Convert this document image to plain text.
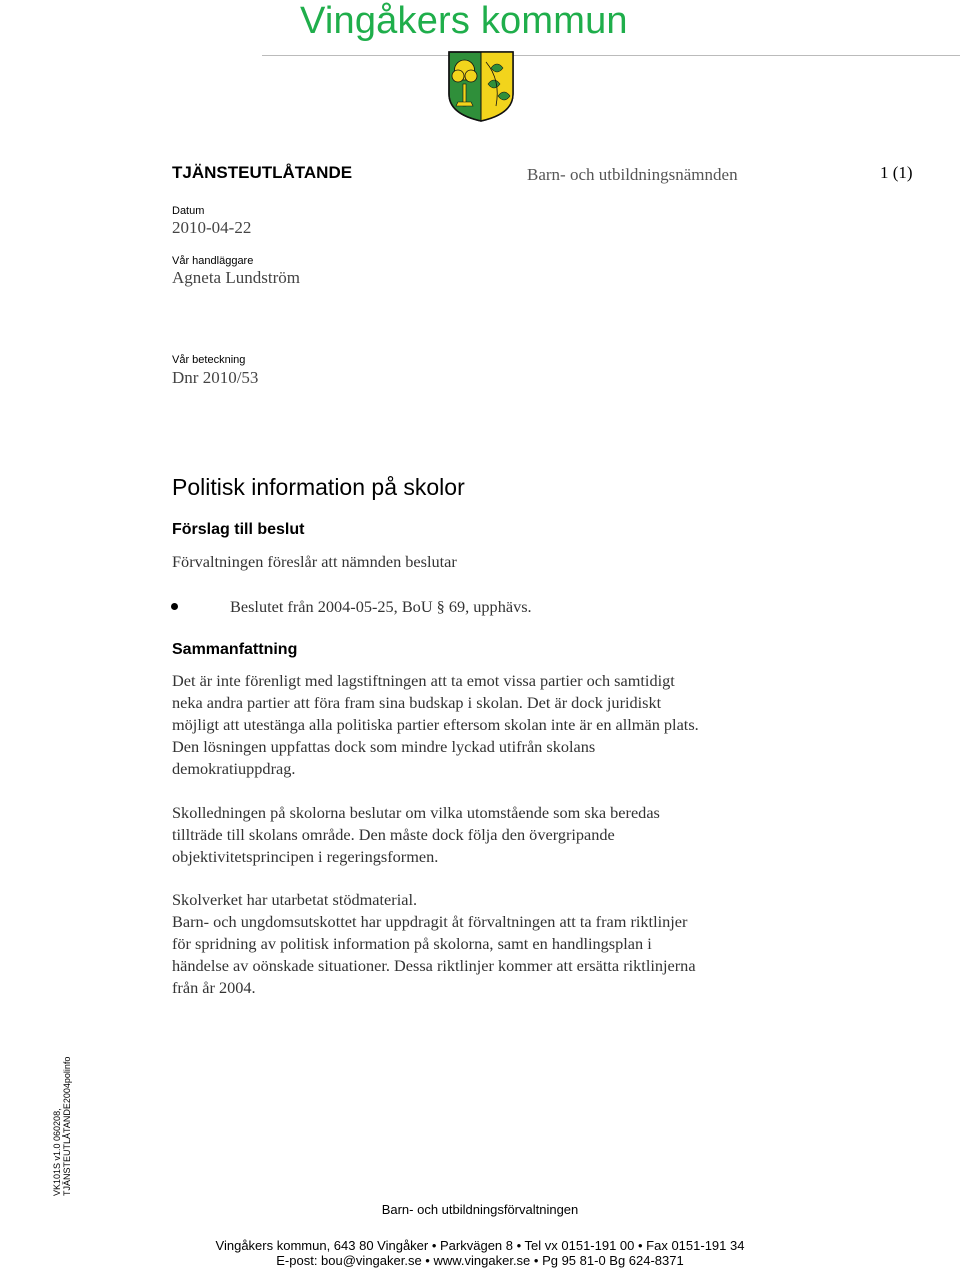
Vingåkers kommun
TJÄNSTEUTLÅTANDE	Barn- och utbildningsnämnden	1 (1)
Datum
2010-04-22
Vår handläggare
Agneta Lundström
Vår beteckning
Dnr 2010/53
Politisk information på skolor
Förslag till beslut
Förvaltningen föreslår att nämnden beslutar
Beslutet från 2004-05-25, BoU § 69, upphävs.
Sammanfattning

Det är inte förenligt med lagstiftningen att ta emot vissa partier och samtidigt

neka andra partier att föra fram sina budskap i skolan. Det är dock juridiskt

möjligt att utestänga alla politiska partier eftersom skolan inte är en allmän plats.

Den lösningen uppfattas dock som mindre lyckad utifrån skolans

demokratiuppdrag.

Skolledningen på skolorna beslutar om vilka utomstående som ska beredas

tillträde till skolans område. Den måste dock följa den övergripande

objektivitetsprincipen i regeringsformen.

Skolverket har utarbetat stödmaterial.

Barn- och ungdomsutskottet har uppdragit åt förvaltningen att ta fram riktlinjer

för spridning av politisk information på skolorna, samt en handlingsplan i

händelse av oönskade situationer. Dessa riktlinjer kommer att ersätta riktlinjerna

från år 2004.

VK101S v1.0 060208, TJÄNSTEUTLÅTANDE2004polinfo
Barn- och utbildningsförvaltningen
Vingåkers kommun, 643 80 Vingåker • Parkvägen 8 • Tel vx 0151-191 00 • Fax 0151-191 34
E-post: bou@vingaker.se • www.vingaker.se • Pg 95 81-0 Bg 624-8371
